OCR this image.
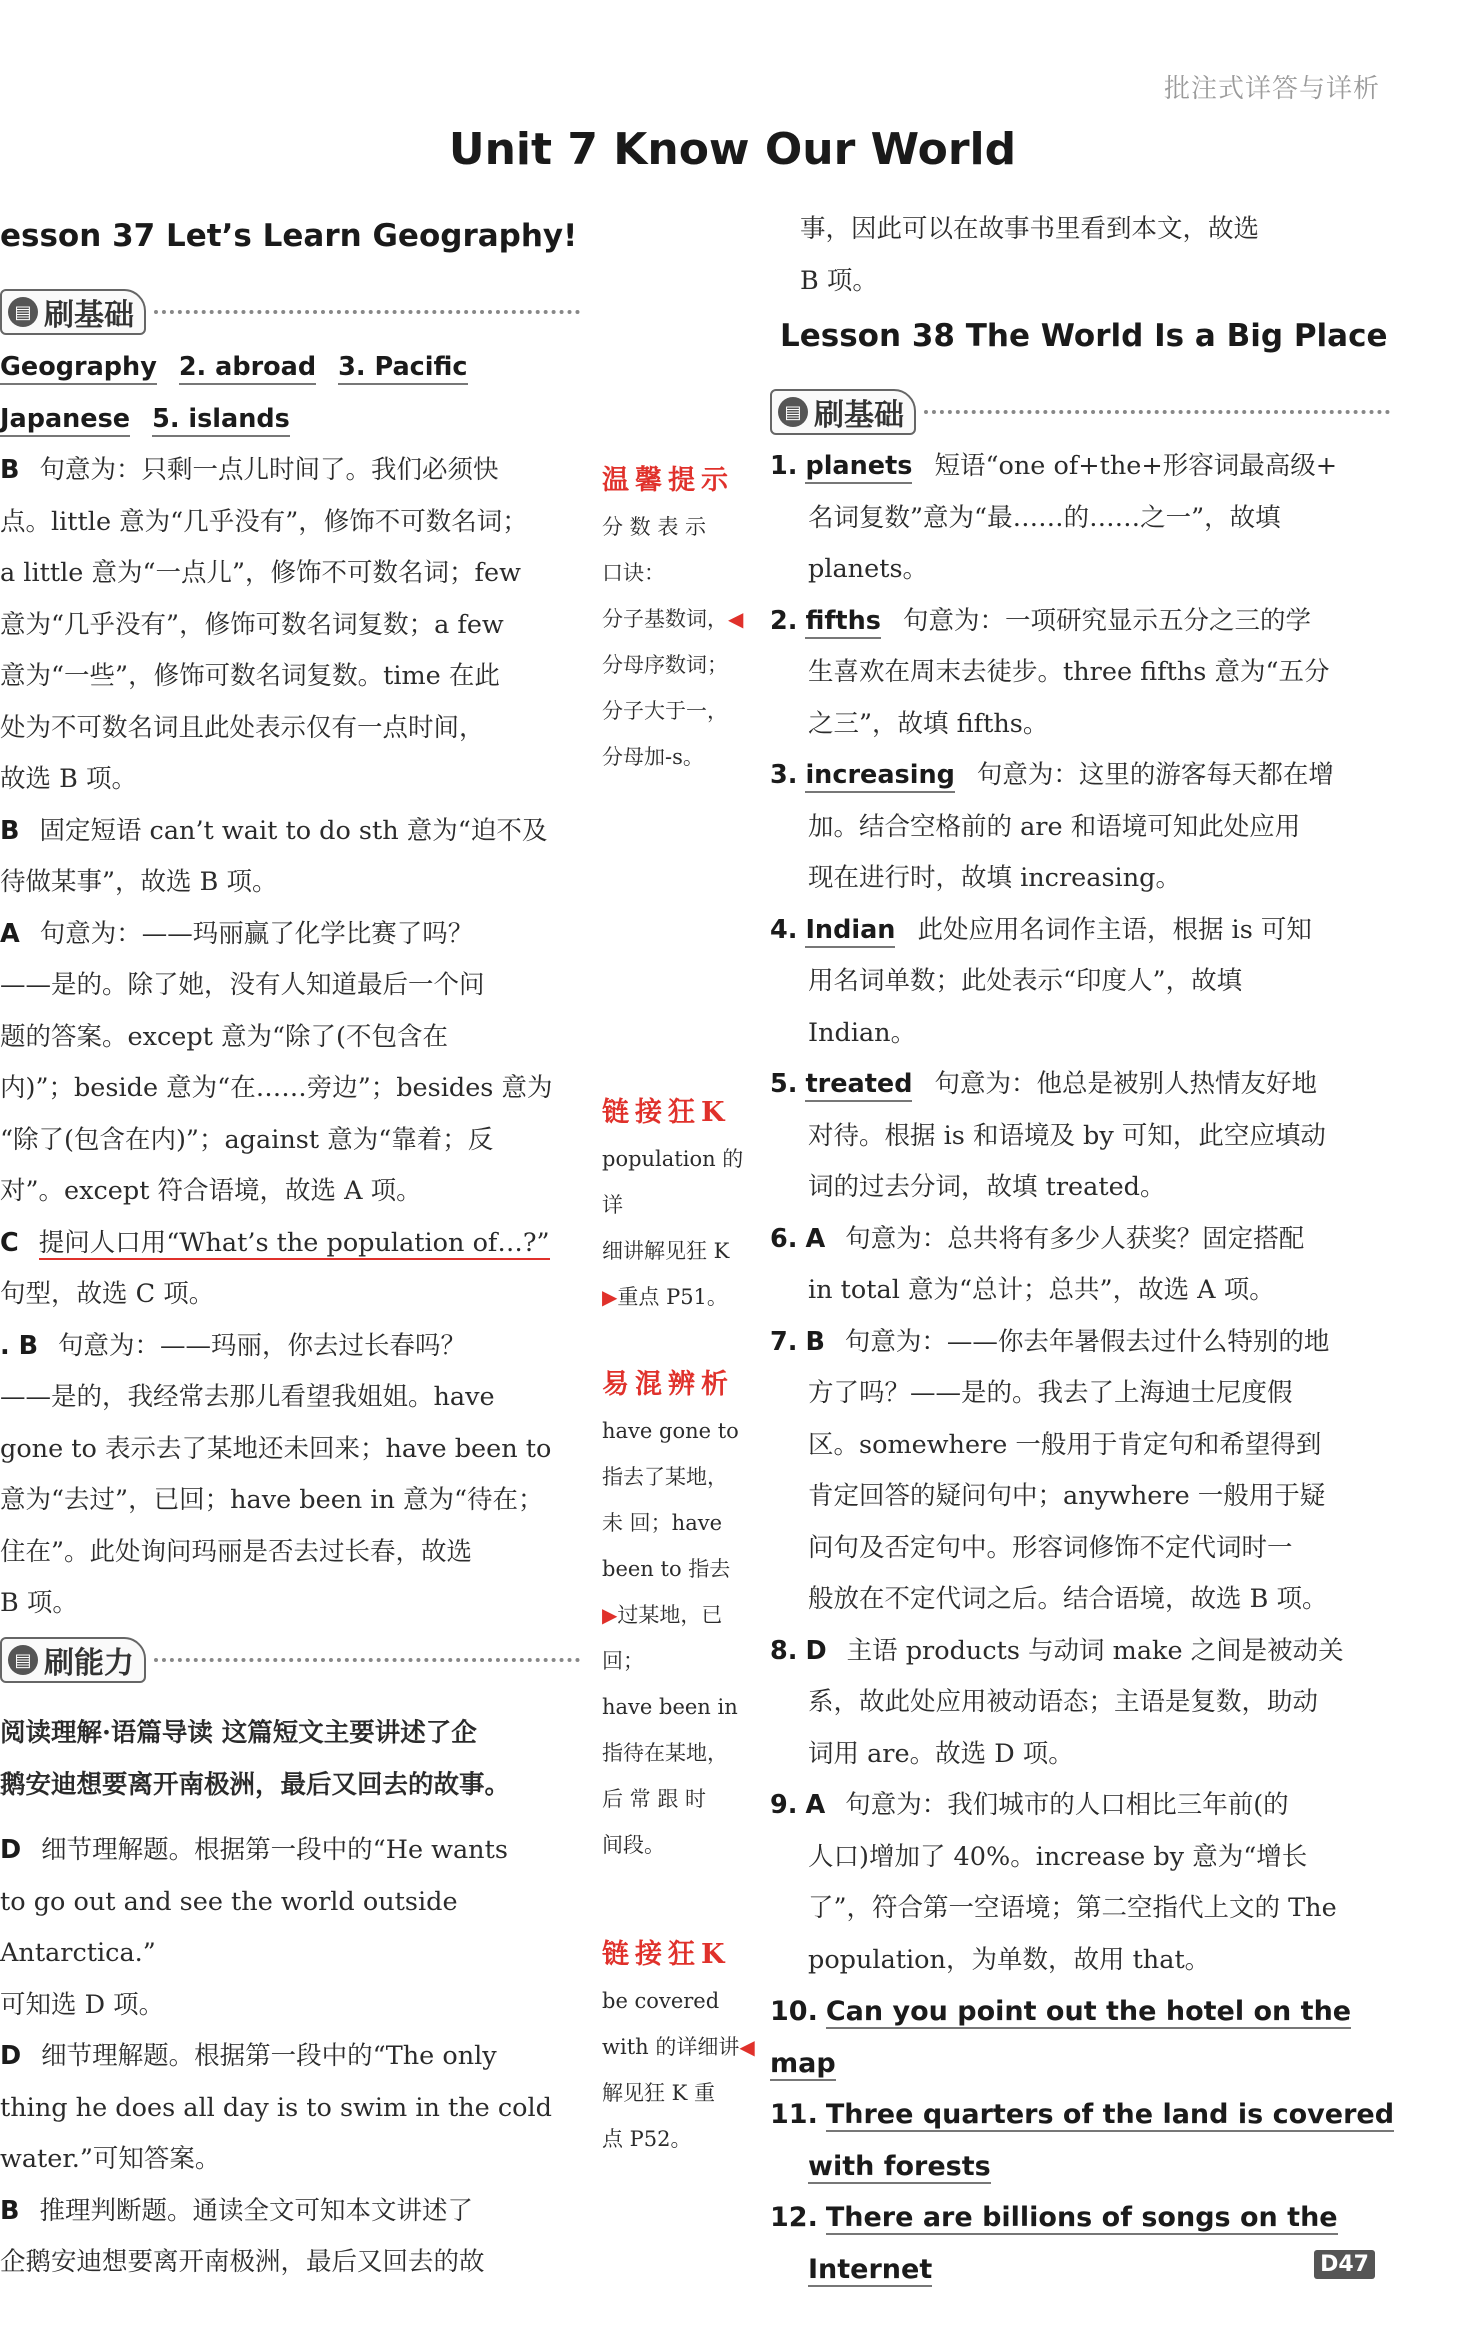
批注式详答与详析
Unit 7 Know Our World
esson 37 Let’s Learn Geography!
▤ 刷基础

Geography 2. abroad 3. Pacific

Japanese 5. islands

B 句意为：只剩一点儿时间了。我们必须快

点。little 意为“几乎没有”，修饰不可数名词；

a little 意为“一点儿”，修饰不可数名词；few

意为“几乎没有”，修饰可数名词复数；a few

意为“一些”，修饰可数名词复数。time 在此

处为不可数名词且此处表示仅有一点时间，

故选 B 项。

B 固定短语 can’t wait to do sth 意为“迫不及

待做某事”，故选 B 项。

A 句意为：——玛丽赢了化学比赛了吗？

——是的。除了她，没有人知道最后一个问

题的答案。except 意为“除了(不包含在

内)”；beside 意为“在……旁边”；besides 意为

“除了(包含在内)”；against 意为“靠着；反

对”。except 符合语境，故选 A 项。

C 提问人口用“What’s the population of…?”

句型，故选 C 项。

. B 句意为：——玛丽，你去过长春吗？

——是的，我经常去那儿看望我姐姐。have

gone to 表示去了某地还未回来；have been to

意为“去过”，已回；have been in 意为“待在；

住在”。此处询问玛丽是否去过长春，故选

B 项。

▤ 刷能力

阅读理解·语篇导读 这篇短文主要讲述了企

鹅安迪想要离开南极洲，最后又回去的故事。

D 细节理解题。根据第一段中的“He wants

to go out and see the world outside Antarctica.”

可知选 D 项。

D 细节理解题。根据第一段中的“The only

thing he does all day is to swim in the cold

water.”可知答案。

B 推理判断题。通读全文可知本文讲述了

企鹅安迪想要离开南极洲，最后又回去的故

温馨提示

分 数 表 示

口诀：

分子基数词，◀

分母序数词；

分子大于一，

分母加-s。

链接狂K

population 的详

细讲解见狂 K

▶重点 P51。

易混辨析

have gone to

指去了某地，

未 回；have

been to 指去

▶过某地，已回；

have been in

指待在某地，

后 常 跟 时

间段。

链接狂K

be covered

with 的详细讲◀

解见狂 K 重

点 P52。

事，因此可以在故事书里看到本文，故选

B 项。

Lesson 38 The World Is a Big Place
▤ 刷基础

1. planets 短语“one of+the+形容词最高级+

名词复数”意为“最……的……之一”，故填

planets。

2. fifths 句意为：一项研究显示五分之三的学

生喜欢在周末去徒步。three fifths 意为“五分

之三”，故填 fifths。

3. increasing 句意为：这里的游客每天都在增

加。结合空格前的 are 和语境可知此处应用

现在进行时，故填 increasing。

4. Indian 此处应用名词作主语，根据 is 可知

用名词单数；此处表示“印度人”，故填

Indian。

5. treated 句意为：他总是被别人热情友好地

对待。根据 is 和语境及 by 可知，此空应填动

词的过去分词，故填 treated。

6. A 句意为：总共将有多少人获奖？固定搭配

in total 意为“总计；总共”，故选 A 项。

7. B 句意为：——你去年暑假去过什么特别的地

方了吗？——是的。我去了上海迪士尼度假

区。somewhere 一般用于肯定句和希望得到

肯定回答的疑问句中；anywhere 一般用于疑

问句及否定句中。形容词修饰不定代词时一

般放在不定代词之后。结合语境，故选 B 项。

8. D 主语 products 与动词 make 之间是被动关

系，故此处应用被动语态；主语是复数，助动

词用 are。故选 D 项。

9. A 句意为：我们城市的人口相比三年前(的

人口)增加了 40%。increase by 意为“增长

了”，符合第一空语境；第二空指代上文的 The

population，为单数，故用 that。

10. Can you point out the hotel on the map

11. Three quarters of the land is covered

with forests

12. There are billions of songs on the

Internet	D47
